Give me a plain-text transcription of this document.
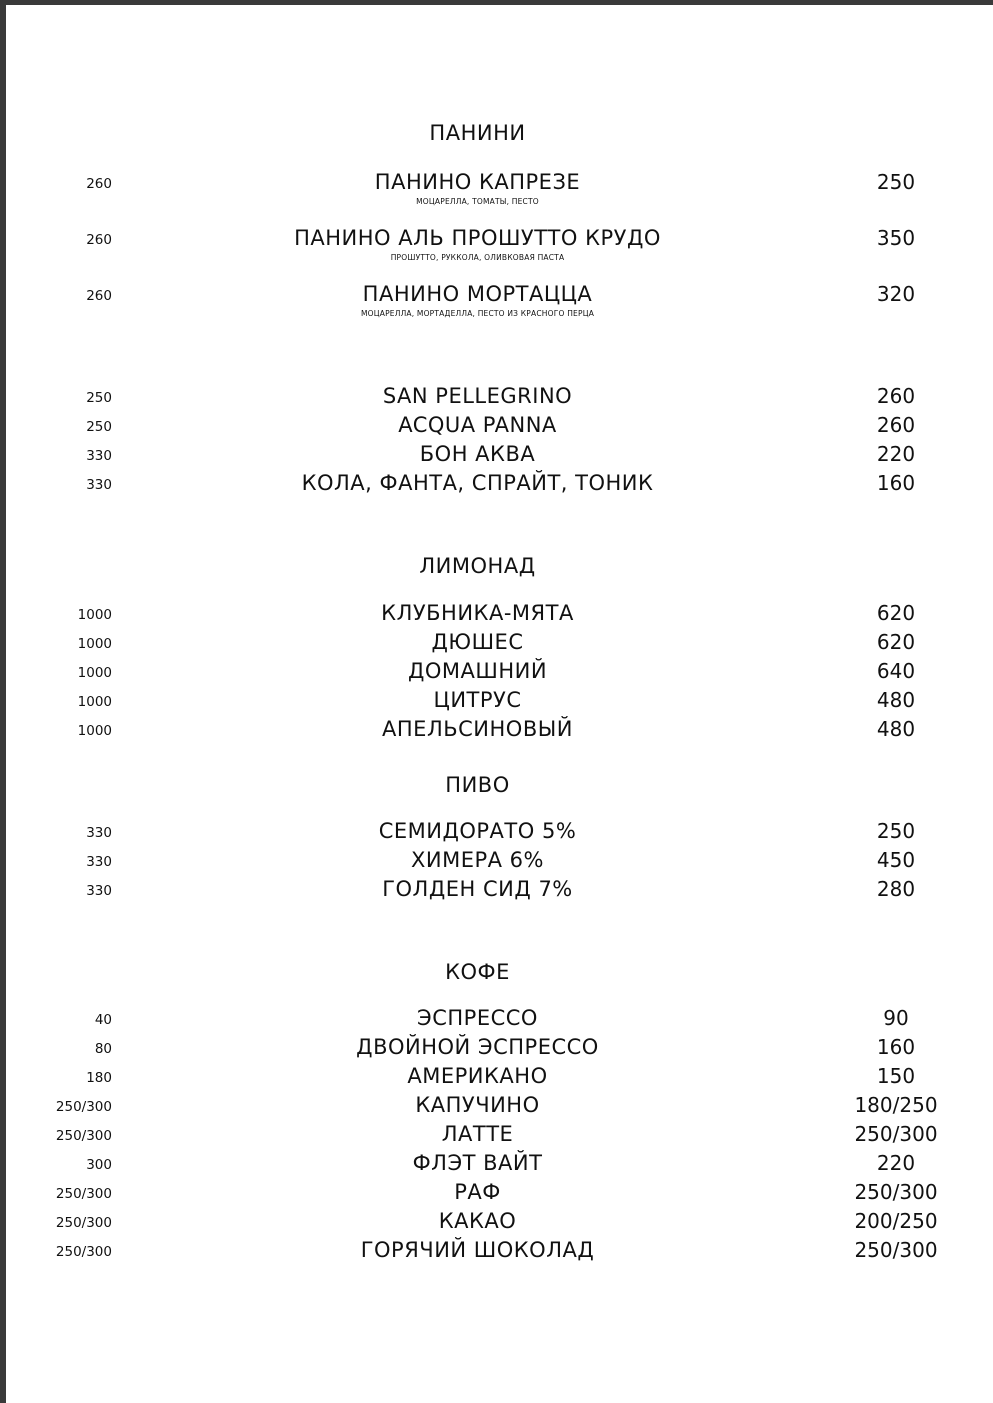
ПАНИНИ
260	ПАНИНО КАПРЕЗЕ	250
МОЦАРЕЛЛА, ТОМАТЫ, ПЕСТО
260	ПАНИНО АЛЬ ПРОШУТТО КРУДО	350
ПРОШУТТО, РУККОЛА, ОЛИВКОВАЯ ПАСТА
260	ПАНИНО МОРТАЦЦА	320
МОЦАРЕЛЛА, МОРТАДЕЛЛА, ПЕСТО ИЗ КРАСНОГО ПЕРЦА
250	SAN PELLEGRINO	260
250	ACQUA PANNA	260
330	БОН АКВА	220
330	КОЛА, ФАНТА, СПРАЙТ, ТОНИК	160
ЛИМОНАД
1000	КЛУБНИКА-МЯТА	620
1000	ДЮШЕС	620
1000	ДОМАШНИЙ	640
1000	ЦИТРУС	480
1000	АПЕЛЬСИНОВЫЙ	480
ПИВО
330	СЕМИДОРАТО 5%	250
330	ХИМЕРА 6%	450
330	ГОЛДЕН СИД 7%	280
КОФЕ
40	ЭСПРЕССО	90
80	ДВОЙНОЙ ЭСПРЕССО	160
180	АМЕРИКАНО	150
250/300	КАПУЧИНО	180/250
250/300	ЛАТТЕ	250/300
300	ФЛЭТ ВАЙТ	220
250/300	РАФ	250/300
250/300	КАКАО	200/250
250/300	ГОРЯЧИЙ ШОКОЛАД	250/300
